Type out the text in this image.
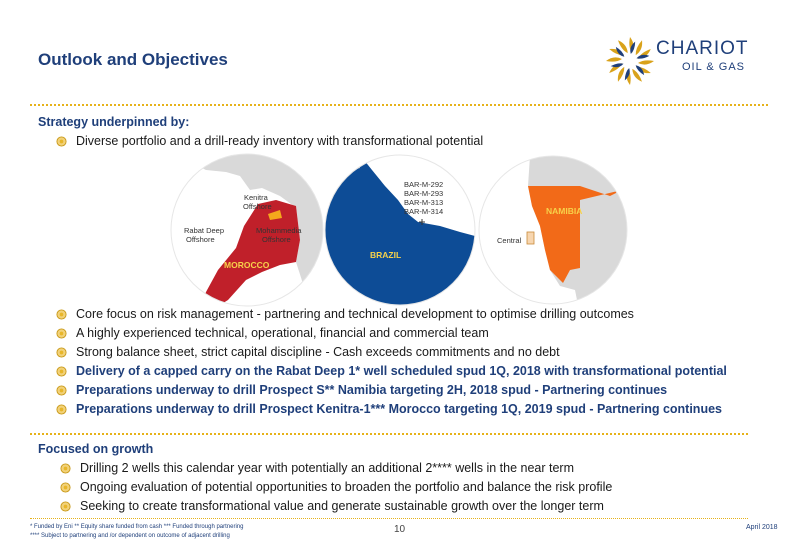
Outlook and Objectives
CHARIOT
OIL & GAS
Strategy underpinned by:
Diverse portfolio and a drill-ready inventory with transformational potential
Kenitra
Offshore
Rabat Deep
Offshore
Mohammedia
Offshore
MOROCCO
BAR-M-292
BAR-M-293
BAR-M-313
BAR-M-314
BRAZIL
NAMIBIA
Central
Core focus on risk management - partnering and technical development to optimise drilling outcomes
A highly experienced technical, operational, financial and commercial team
Strong balance sheet, strict capital discipline - Cash exceeds commitments and no debt
Delivery of a capped carry on the Rabat Deep 1* well scheduled spud 1Q, 2018 with transformational potential
Preparations underway to drill Prospect S** Namibia targeting 2H, 2018 spud - Partnering continues
Preparations underway to drill Prospect Kenitra-1*** Morocco targeting 1Q, 2019 spud - Partnering continues
Focused on growth
Drilling 2 wells this calendar year with potentially an additional 2**** wells in the near term
Ongoing evaluation of potential opportunities to broaden the portfolio and balance the risk profile
Seeking to create transformational value and generate sustainable growth over the longer term
* Funded by Eni ** Equity share funded from cash *** Funded through partnering
**** Subject to partnering and /or dependent on outcome of adjacent drilling
10	April 2018
